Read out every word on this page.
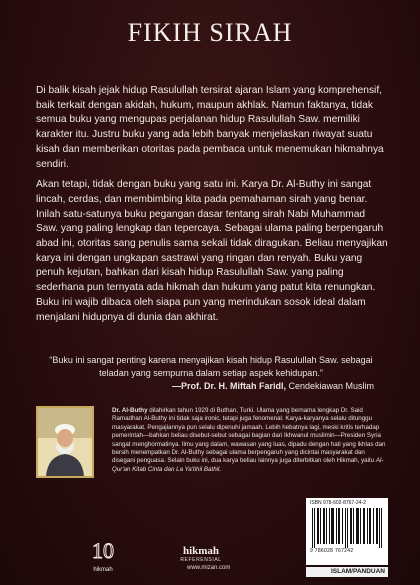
FIKIH SIRAH

Di balik kisah jejak hidup Rasulullah tersirat ajaran Islam yang komprehensif, baik terkait dengan akidah, hukum, maupun akhlak. Namun faktanya, tidak semua buku yang mengupas perjalanan hidup Rasulullah Saw. memiliki karakter itu. Justru buku yang ada lebih banyak menjelaskan riwayat suatu kisah dan memberikan otoritas pada pembaca untuk menemukan hikmahnya sendiri.

Akan tetapi, tidak dengan buku yang satu ini. Karya Dr. Al-Buthy ini sangat lincah, cerdas, dan membimbing kita pada pemahaman sirah yang benar. Inilah satu-satunya buku pegangan dasar tentang sirah Nabi Muhammad Saw. yang paling lengkap dan tepercaya. Sebagai ulama paling berpengaruh abad ini, otoritas sang penulis sama sekali tidak diragukan. Beliau menyajikan karya ini dengan ungkapan sastrawi yang ringan dan renyah. Buku yang penuh kejutan, bahkan dari kisah hidup Rasulullah Saw. yang paling sederhana pun ternyata ada hikmah dan hukum yang patut kita renungkan. Buku ini wajib dibaca oleh siapa pun yang merindukan sosok ideal dalam menjalani hidupnya di dunia dan akhirat.

“Buku ini sangat penting karena menyajikan kisah hidup Rasulullah Saw. sebagai teladan yang sempurna dalam setiap aspek kehidupan.”
—Prof. Dr. H. Miftah Faridl, Cendekiawan Muslim
Dr. Al-Buthy dilahirkan tahun 1929 di Buthan, Turki. Ulama yang bernama lengkap Dr. Said Ramadhan Al-Buthy ini tidak saja ironic, tetapi juga fenomenal. Karya-karyanya selalu ditunggu masyarakat. Pengajiannya pun selalu dipenuhi jamaah. Lebih hebatnya lagi, meski kritis terhadap pemerintah—bahkan beliau disebut-sebut sebagai bagian dari Ikhwanul muslimin—Presiden Syria sangat menghormatinya. Ilmu yang dalam, wawasan yang luas, dipadu dengan hati yang ikhlas dan bersih menempatkan Dr. Al-Buthy sebagai ulama berpengaruh yang dicintai masyarakat dan disegani penguasa. Selain buku ini, dua karya beliau lainnya juga diterbitkan oleh Hikmah, yaitu Al-Qur'an Kitab Cinta dan La Ya'tihil Bathil.
10
hikmah
hikmah
REFERENSIAL
www.mizan.com
ISBN 978-602-8767-24-2
9 786028 767242
ISLAM/PANDUAN
